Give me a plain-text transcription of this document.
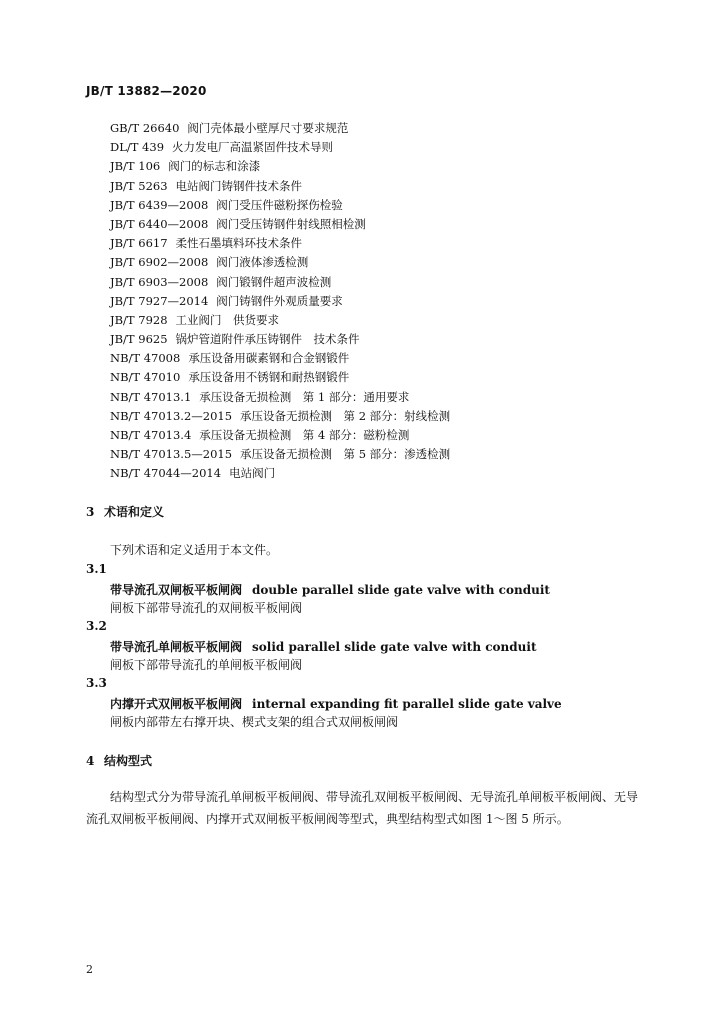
JB/T 13882—2020
GB/T 26640 阀门壳体最小壁厚尺寸要求规范
DL/T 439 火力发电厂高温紧固件技术导则
JB/T 106 阀门的标志和涂漆
JB/T 5263 电站阀门铸钢件技术条件
JB/T 6439—2008 阀门受压件磁粉探伤检验
JB/T 6440—2008 阀门受压铸钢件射线照相检测
JB/T 6617 柔性石墨填料环技术条件
JB/T 6902—2008 阀门液体渗透检测
JB/T 6903—2008 阀门锻钢件超声波检测
JB/T 7927—2014 阀门铸钢件外观质量要求
JB/T 7928 工业阀门　供货要求
JB/T 9625 锅炉管道附件承压铸钢件　技术条件
NB/T 47008 承压设备用碳素钢和合金钢锻件
NB/T 47010 承压设备用不锈钢和耐热钢锻件
NB/T 47013.1 承压设备无损检测　第 1 部分：通用要求
NB/T 47013.2—2015 承压设备无损检测　第 2 部分：射线检测
NB/T 47013.4 承压设备无损检测　第 4 部分：磁粉检测
NB/T 47013.5—2015 承压设备无损检测　第 5 部分：渗透检测
NB/T 47044—2014 电站阀门
3 术语和定义
下列术语和定义适用于本文件。
3.1
带导流孔双闸板平板闸阀 double parallel slide gate valve with conduit
闸板下部带导流孔的双闸板平板闸阀
3.2
带导流孔单闸板平板闸阀 solid parallel slide gate valve with conduit
闸板下部带导流孔的单闸板平板闸阀
3.3
内撑开式双闸板平板闸阀 internal expanding fit parallel slide gate valve
闸板内部带左右撑开块、楔式支架的组合式双闸板闸阀
4 结构型式
结构型式分为带导流孔单闸板平板闸阀、带导流孔双闸板平板闸阀、无导流孔单闸板平板闸阀、无导流孔双闸板平板闸阀、内撑开式双闸板平板闸阀等型式，典型结构型式如图 1～图 5 所示。
2
